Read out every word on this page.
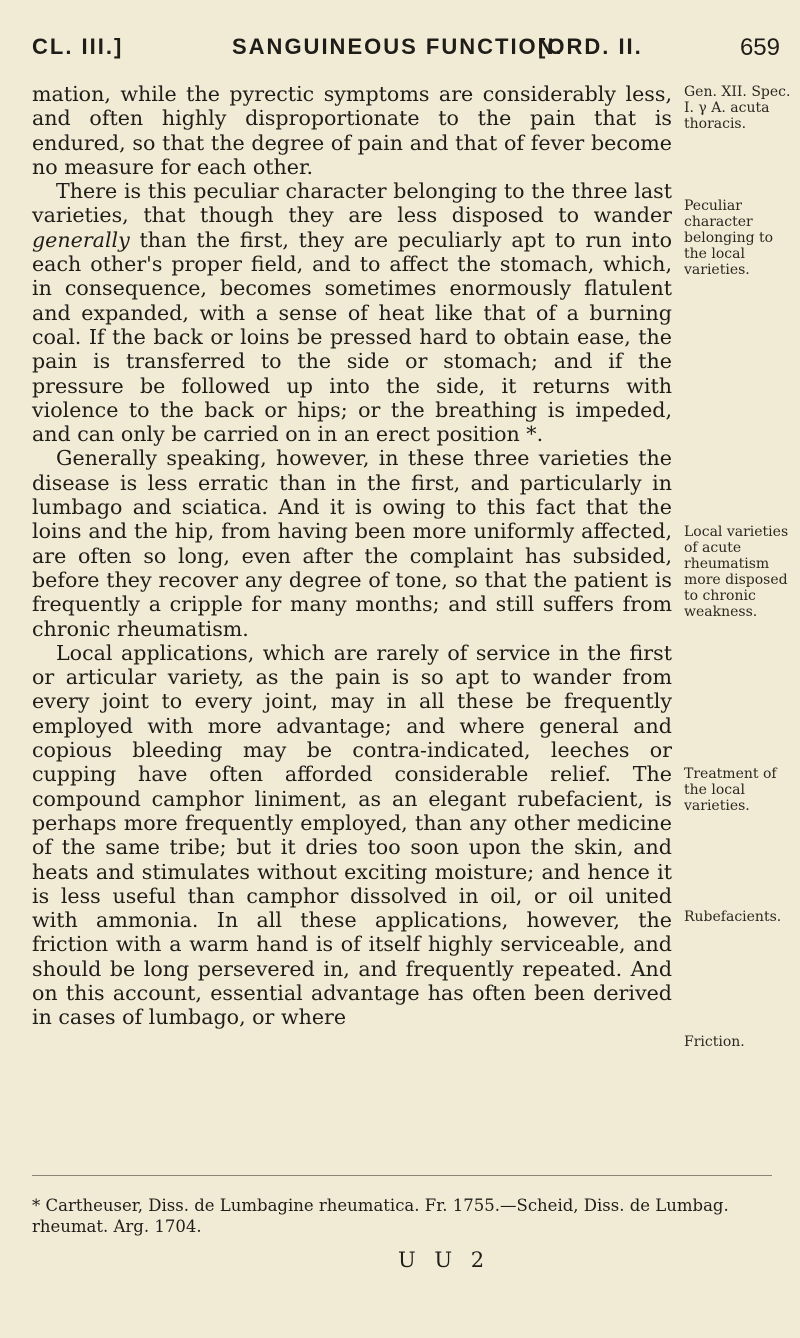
CL. III.]	SANGUINEOUS FUNCTION.
[ORD. II.	659

mation, while the pyrectic symptoms are considerably less, and often highly disproportionate to the pain that is endured, so that the degree of pain and that of fever become no measure for each other.

There is this peculiar character belonging to the three last varieties, that though they are less disposed to wander generally than the first, they are peculiarly apt to run into each other's proper field, and to affect the stomach, which, in consequence, becomes sometimes enormously flatulent and expanded, with a sense of heat like that of a burning coal. If the back or loins be pressed hard to obtain ease, the pain is transferred to the side or stomach; and if the pressure be followed up into the side, it returns with violence to the back or hips; or the breathing is impeded, and can only be carried on in an erect position *.

Generally speaking, however, in these three varieties the disease is less erratic than in the first, and particularly in lumbago and sciatica. And it is owing to this fact that the loins and the hip, from having been more uniformly affected, are often so long, even after the complaint has subsided, before they recover any degree of tone, so that the patient is frequently a cripple for many months; and still suffers from chronic rheumatism.

Local applications, which are rarely of service in the first or articular variety, as the pain is so apt to wander from every joint to every joint, may in all these be frequently employed with more advantage; and where general and copious bleeding may be contra-indicated, leeches or cupping have often afforded considerable relief. The compound camphor liniment, as an elegant rubefacient, is perhaps more frequently employed, than any other medicine of the same tribe; but it dries too soon upon the skin, and heats and stimulates without exciting moisture; and hence it is less useful than camphor dissolved in oil, or oil united with ammonia. In all these applications, however, the friction with a warm hand is of itself highly serviceable, and should be long persevered in, and frequently repeated. And on this account, essential advantage has often been derived in cases of lumbago, or where

Gen. XII. Spec. I. γ A. acuta thoracis.
Peculiar character belonging to the local varieties.
Local varieties of acute rheumatism more disposed to chronic weakness.
Treatment of the local varieties.
Rubefacients.
Friction.

* Cartheuser, Diss. de Lumbagine rheumatica. Fr. 1755.—Scheid, Diss. de Lumbag. rheumat. Arg. 1704.

U U 2
